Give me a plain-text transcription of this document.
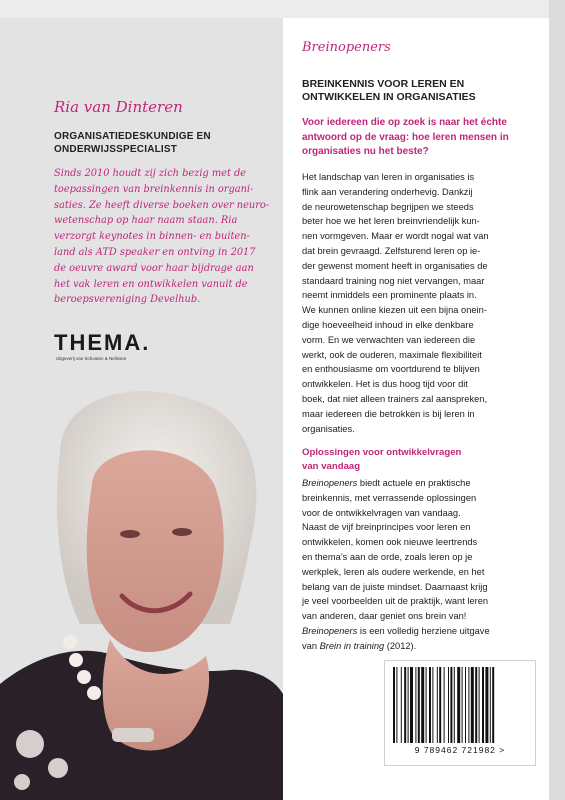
Ria van Dinteren
ORGANISATIEDESKUNDIGE EN
ONDERWIJSSPECIALIST
Sinds 2010 houdt zij zich bezig met de
toepassingen van breinkennis in organi-
saties. Ze heeft diverse boeken over neuro-
wetenschap op haar naam staan. Ria
verzorgt keynotes in binnen- en buiten-
land als ATD speaker en ontving in 2017
de oeuvre award voor haar bijdrage aan
het vak leren en ontwikkelen vanuit de
beroepsvereniging Develhub.
THEMA.
Uitgeverij van Schouten & Nelissen
Breinopeners
BREINKENNIS VOOR LEREN EN
ONTWIKKELEN IN ORGANISATIES
Voor iedereen die op zoek is naar het échte
antwoord op de vraag: hoe leren mensen in
organisaties nu het beste?
Het landschap van leren in organisaties is
flink aan verandering onderhevig. Dankzij
de neurowetenschap begrijpen we steeds
beter hoe we het leren breinvriendelijk kun-
nen vormgeven. Maar er wordt nogal wat van
dat brein gevraagd. Zelfsturend leren op ie-
der gewenst moment heeft in organisaties de
standaard training nog niet vervangen, maar
neemt inmiddels een prominente plaats in.
We kunnen online kiezen uit een bijna onein-
dige hoeveelheid inhoud in elke denkbare
vorm. En we verwachten van iedereen die
werkt, ook de ouderen, maximale flexibiliteit
en enthousiasme om voortdurend te blijven
ontwikkelen. Het is dus hoog tijd voor dit
boek, dat niet alleen trainers zal aanspreken,
maar iedereen die betrokken is bij leren in
organisaties.
Oplossingen voor ontwikkelvragen
van vandaag
Breinopeners biedt actuele en praktische
breinkennis, met verrassende oplossingen
voor de ontwikkelvragen van vandaag.
Naast de vijf breinprincipes voor leren en
ontwikkelen, komen ook nieuwe leertrends
en thema’s aan de orde, zoals leren op je
werkplek, leren als oudere werkende, en het
belang van de juiste mindset. Daarnaast krijg
je veel voorbeelden uit de praktijk, want leren
van anderen, daar geniet ons brein van!
Breinopeners is een volledig herziene uitgave
van Brein in training (2012).
9 789462 721982 >
